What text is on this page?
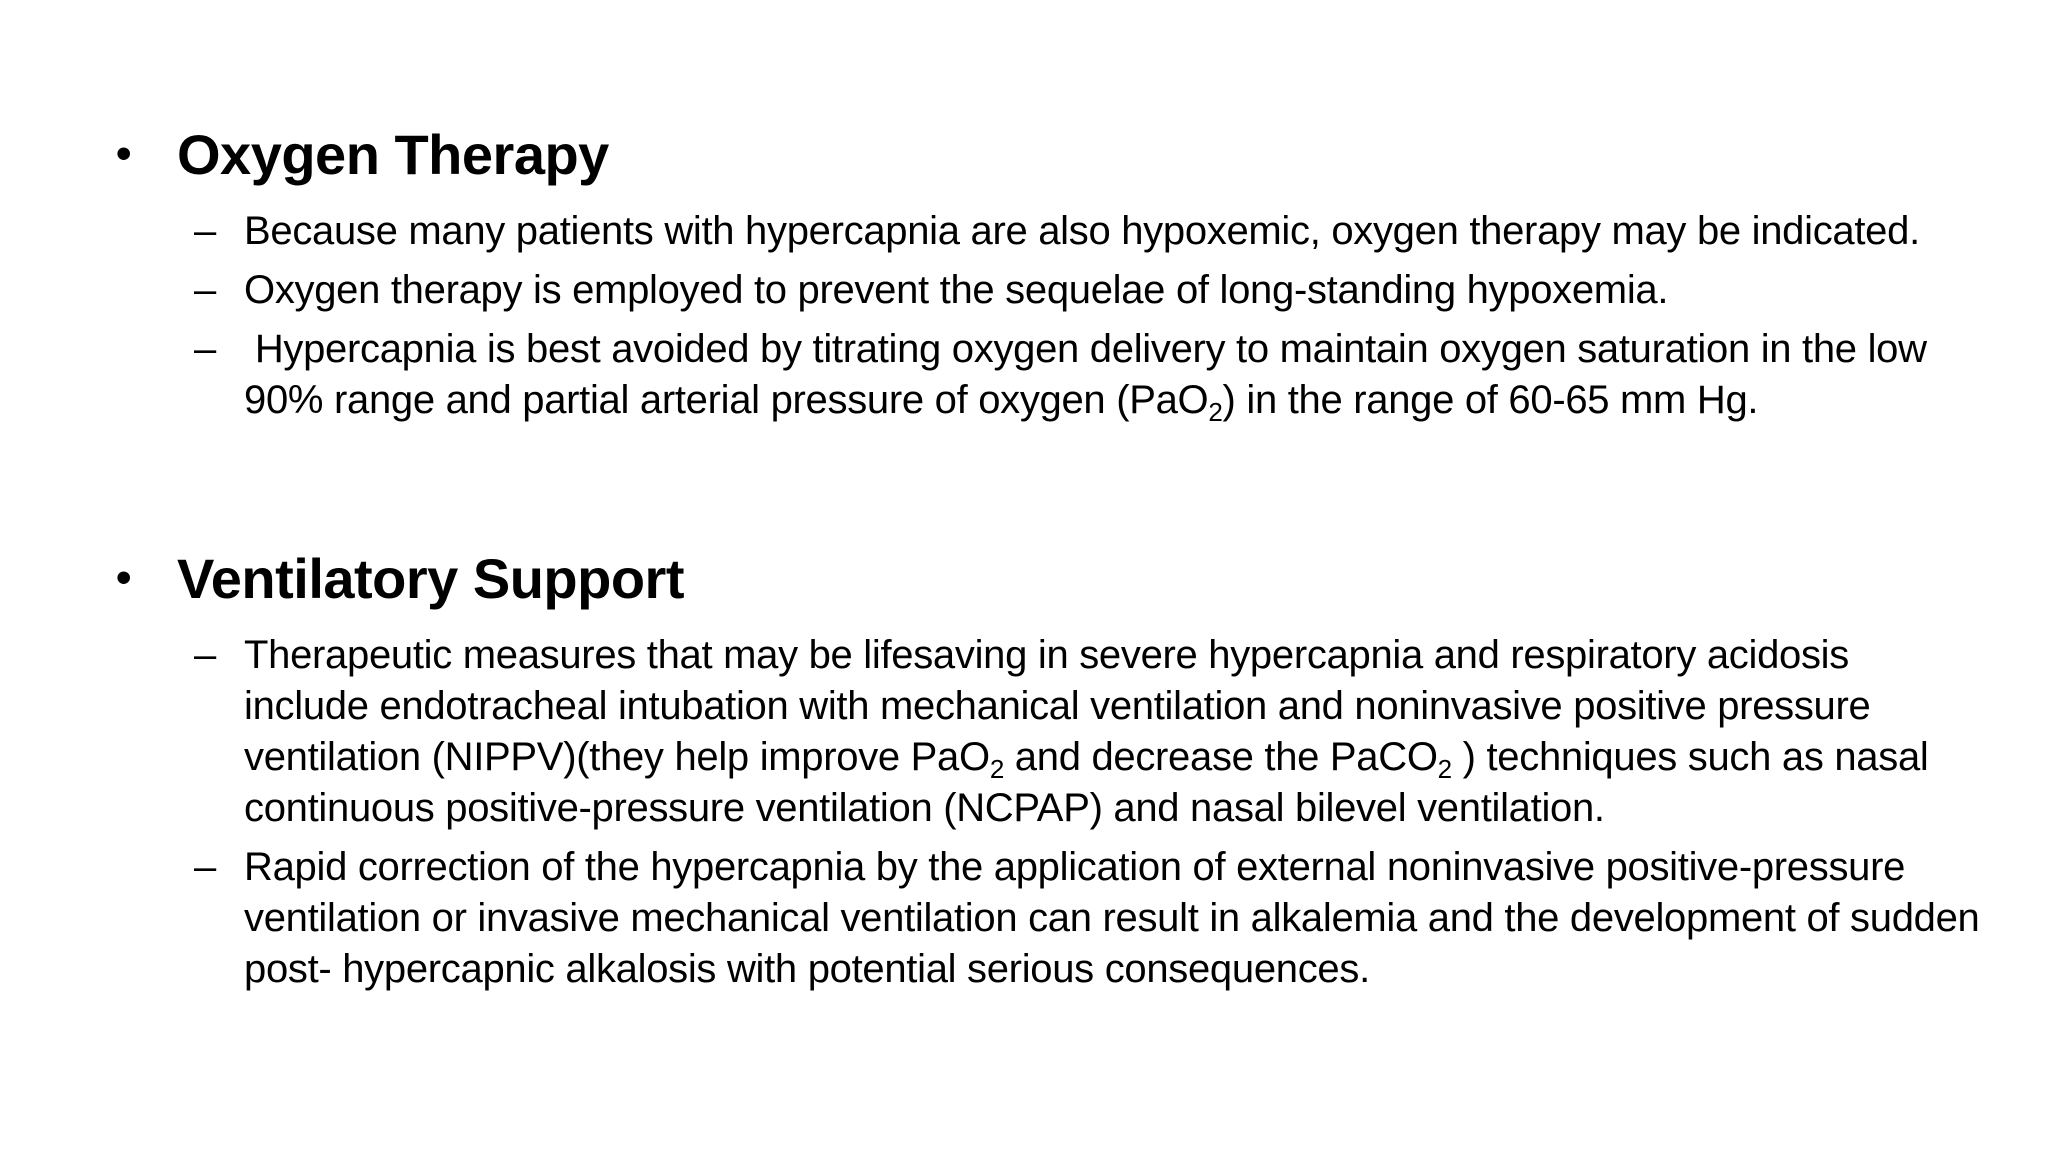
• Oxygen Therapy
– Because many patients with hypercapnia are also hypoxemic, oxygen therapy may be indicated.
– Oxygen therapy is employed to prevent the sequelae of long-standing hypoxemia.
– Hypercapnia is best avoided by titrating oxygen delivery to maintain oxygen saturation in the low 90% range and partial arterial pressure of oxygen (PaO$_2$) in the range of 60-65 mm Hg.
• Ventilatory Support
– Therapeutic measures that may be lifesaving in severe hypercapnia and respiratory acidosis include endotracheal intubation with mechanical ventilation and noninvasive positive pressure ventilation (NIPPV)(they help improve PaO$_2$ and decrease the PaCO$_2$ ) techniques such as nasal continuous positive-pressure ventilation (NCPAP) and nasal bilevel ventilation.
– Rapid correction of the hypercapnia by the application of external noninvasive positive-pressure ventilation or invasive mechanical ventilation can result in alkalemia and the development of sudden post- hypercapnic alkalosis with potential serious consequences.
